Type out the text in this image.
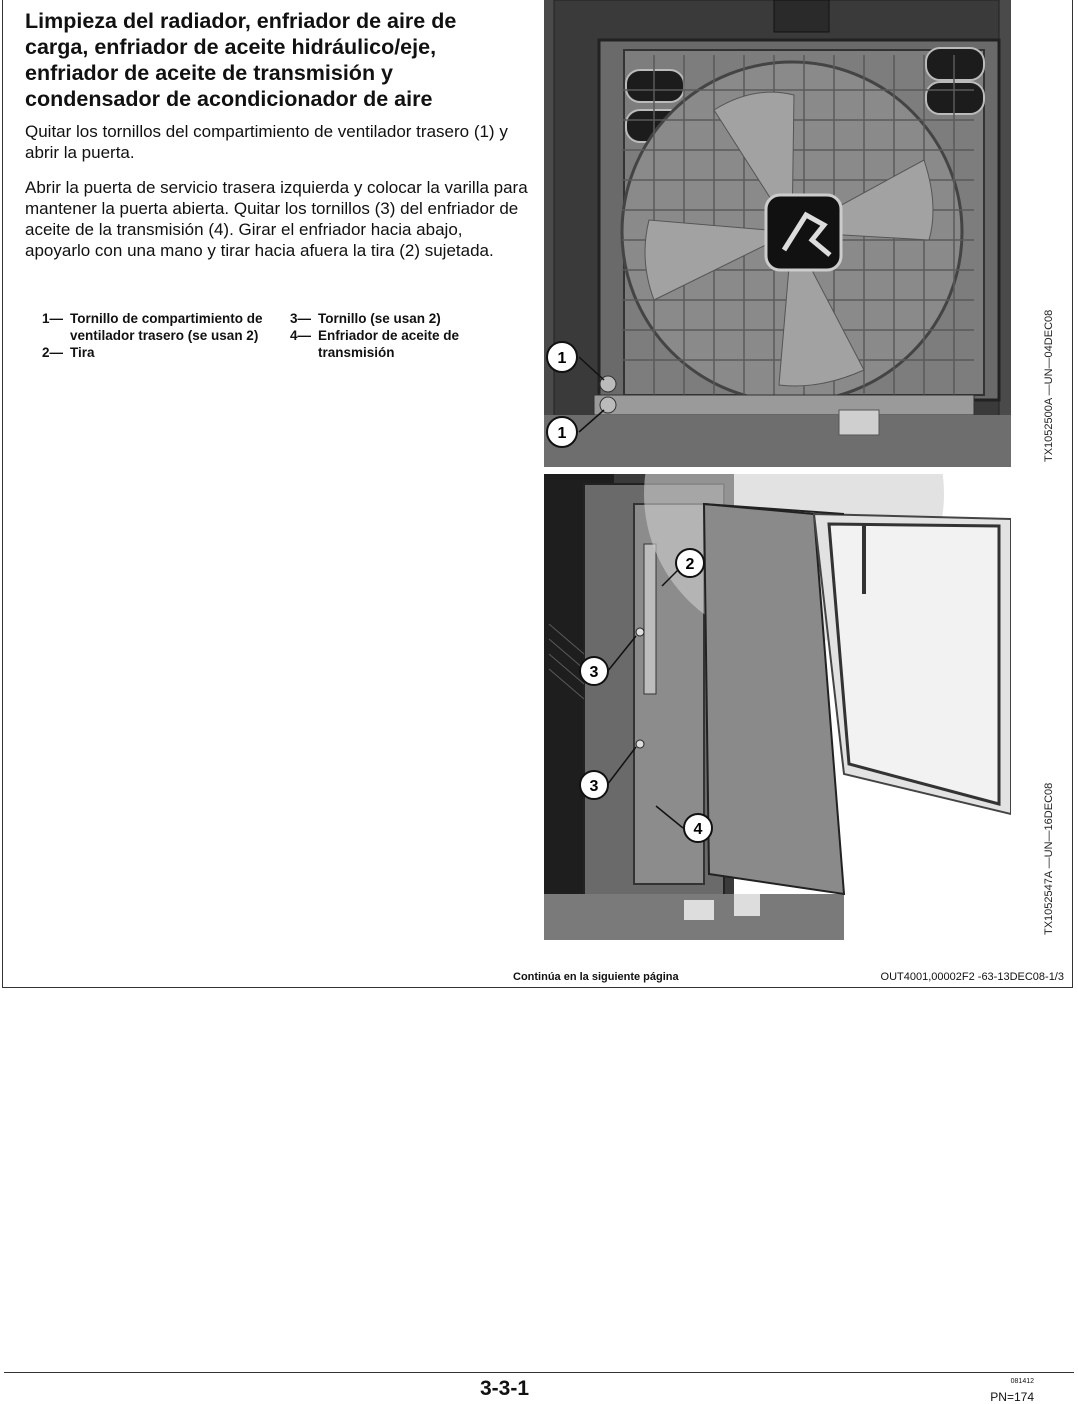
Limpieza del radiador, enfriador de aire de carga, enfriador de aceite hidráulico/eje, enfriador de aceite de transmisión y condensador de acondicionador de aire

Quitar los tornillos del compartimiento de ventilador trasero (1) y abrir la puerta.

Abrir la puerta de servicio trasera izquierda y colocar la varilla para mantener la puerta abierta. Quitar los tornillos (3) del enfriador de aceite de la transmisión (4). Girar el enfriador hacia abajo, apoyarlo con una mano y tirar hacia afuera la tira (2) sujetada.

1— Tornillo de compartimiento de ventilador trasero (se usan 2)

2— Tira

3— Tornillo (se usan 2)

4— Enfriador de aceite de transmisión	1
1	TX1052500A —UN—04DEC08
2
3
3
4	TX1052547A —UN—16DEC08
Continúa en la siguiente página	OUT4001,00002F2 -63-13DEC08-1/3
3-3-1	081412
PN=174
